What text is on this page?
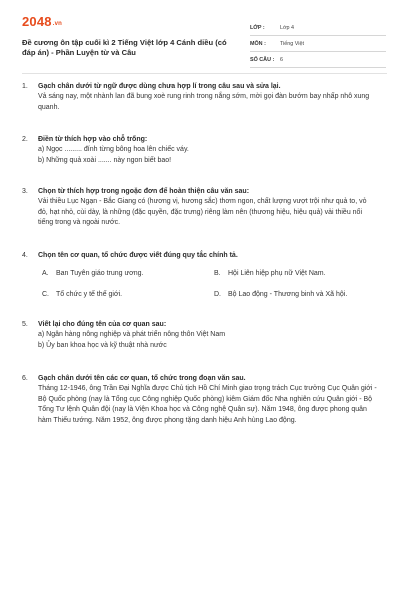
2048.vn
Đề cương ôn tập cuối kì 2 Tiếng Việt lớp 4 Cánh diều (có đáp án) - Phần Luyện từ và Câu
LỚP :	Lớp 4
MÔN :	Tiếng Việt
SỐ CÂU :	6
1.	Gạch chân dưới từ ngữ được dùng chưa hợp lí trong câu sau và sửa lại.
Vả sáng nay, một nhành lan đã bung xoè rung rinh trong nắng sớm, mời gọi đàn bướm bay nhấp nhô xung quanh.
2.	Điền từ thích hợp vào chỗ trống:
a) Ngọc ......... đính từng bông hoa lên chiếc váy.
b) Những quả xoài ....... này ngon biết bao!
3.	Chọn từ thích hợp trong ngoặc đơn để hoàn thiện câu văn sau:
Vải thiều Lục Ngạn - Bắc Giang có (hương vị, hương sắc) thơm ngon, chất lượng vượt trội như quả to, vỏ đỏ, hạt nhỏ, cùi dày, là những (đặc quyền, đặc trưng) riêng làm nên (thương hiệu, hiệu quả) vải thiều nổi tiếng trong và ngoài nước.
4.	Chọn tên cơ quan, tổ chức được viết đúng quy tắc chính tả.
A.	Ban Tuyên giáo trung ương.	B.	Hội Liên hiệp phụ nữ Việt Nam.
C.	Tổ chức y tế thế giới.	D.	Bộ Lao động - Thương binh và Xã hội.
5.	Viết lại cho đúng tên của cơ quan sau:
a) Ngân hàng nông nghiệp và phát triển nông thôn Việt Nam
b) Ủy ban khoa học và kỹ thuật nhà nước
6.	Gạch chân dưới tên các cơ quan, tổ chức trong đoạn văn sau.
Tháng 12-1946, ông Trần Đại Nghĩa được Chủ tịch Hồ Chí Minh giao trọng trách Cục trưởng Cục Quân giới - Bộ Quốc phòng (nay là Tổng cục Công nghiệp Quốc phòng) kiêm Giám đốc Nha nghiên cứu Quân giới - Bộ Tổng Tư lệnh Quân đội (nay là Viện Khoa học và Công nghệ Quân sự). Năm 1948, ông được phong quân hàm Thiếu tướng. Năm 1952, ông được phong tặng danh hiệu Anh hùng Lao động.
